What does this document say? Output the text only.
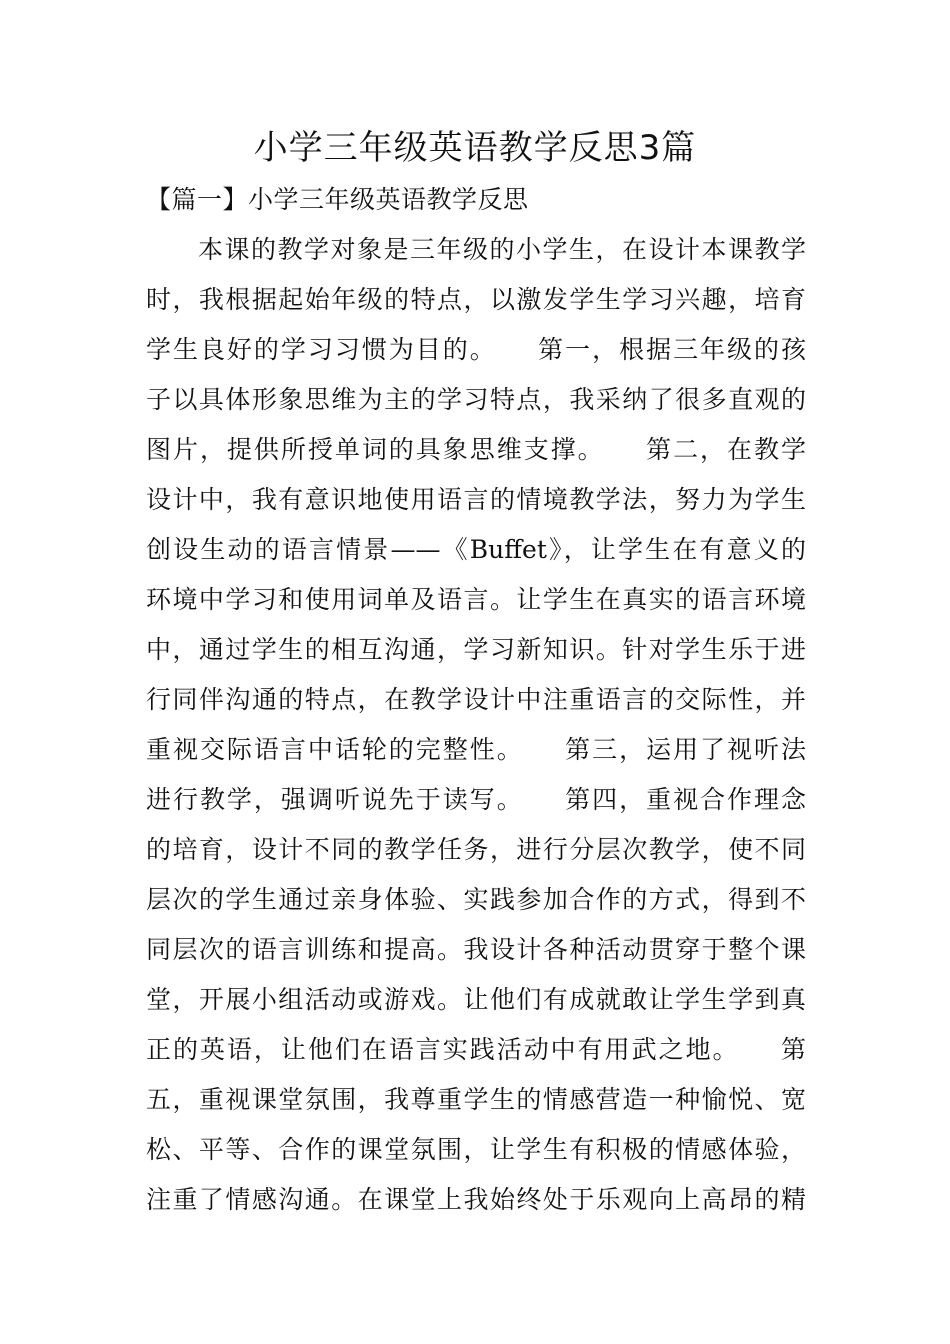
小学三年级英语教学反思3篇
【篇一】小学三年级英语教学反思
本课的教学对象是三年级的小学生，在设计本课教学
时，我根据起始年级的特点，以激发学生学习兴趣，培育
学生良好的学习习惯为目的。　　第一，根据三年级的孩
子以具体形象思维为主的学习特点，我采纳了很多直观的
图片，提供所授单词的具象思维支撑。　　第二，在教学
设计中，我有意识地使用语言的情境教学法，努力为学生
创设生动的语言情景——《Buffet》，让学生在有意义的
环境中学习和使用词单及语言。让学生在真实的语言环境
中，通过学生的相互沟通，学习新知识。针对学生乐于进
行同伴沟通的特点，在教学设计中注重语言的交际性，并
重视交际语言中话轮的完整性。　　第三，运用了视听法
进行教学，强调听说先于读写。　　第四，重视合作理念
的培育，设计不同的教学任务，进行分层次教学，使不同
层次的学生通过亲身体验、实践参加合作的方式，得到不
同层次的语言训练和提高。我设计各种活动贯穿于整个课
堂，开展小组活动或游戏。让他们有成就敢让学生学到真
正的英语，让他们在语言实践活动中有用武之地。　　第
五，重视课堂氛围，我尊重学生的情感营造一种愉悦、宽
松、平等、合作的课堂氛围，让学生有积极的情感体验，
注重了情感沟通。在课堂上我始终处于乐观向上高昂的精
